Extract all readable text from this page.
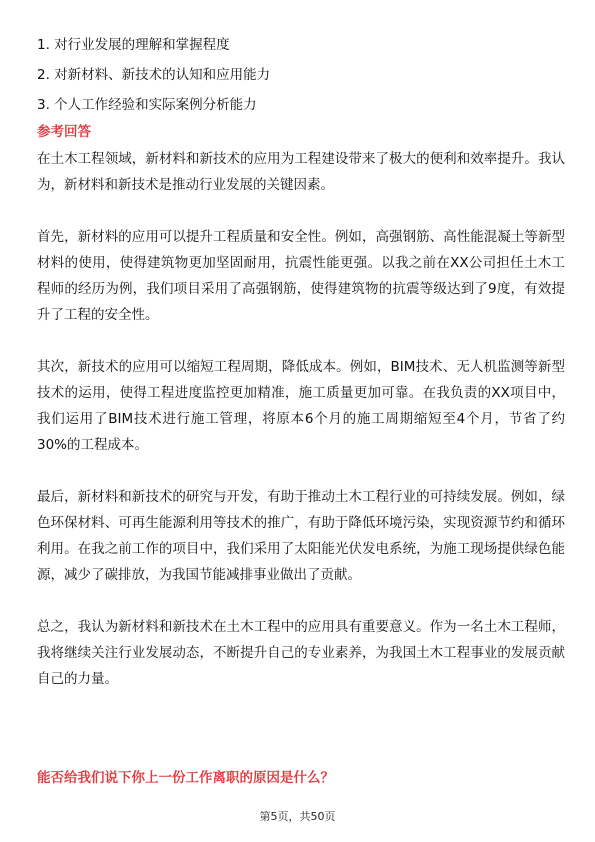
1. 对行业发展的理解和掌握程度
2. 对新材料、新技术的认知和应用能力
3. 个人工作经验和实际案例分析能力
参考回答

在土木工程领域，新材料和新技术的应用为工程建设带来了极大的便利和效率提升。我认为，新材料和新技术是推动行业发展的关键因素。

首先，新材料的应用可以提升工程质量和安全性。例如，高强钢筋、高性能混凝土等新型材料的使用，使得建筑物更加坚固耐用，抗震性能更强。以我之前在XX公司担任土木工程师的经历为例，我们项目采用了高强钢筋，使得建筑物的抗震等级达到了9度，有效提升了工程的安全性。

其次，新技术的应用可以缩短工程周期，降低成本。例如，BIM技术、无人机监测等新型技术的运用，使得工程进度监控更加精准，施工质量更加可靠。在我负责的XX项目中，我们运用了BIM技术进行施工管理，将原本6个月的施工周期缩短至4个月，节省了约30%的工程成本。

最后，新材料和新技术的研究与开发，有助于推动土木工程行业的可持续发展。例如，绿色环保材料、可再生能源利用等技术的推广，有助于降低环境污染，实现资源节约和循环利用。在我之前工作的项目中，我们采用了太阳能光伏发电系统，为施工现场提供绿色能源，减少了碳排放，为我国节能减排事业做出了贡献。

总之，我认为新材料和新技术在土木工程中的应用具有重要意义。作为一名土木工程师，我将继续关注行业发展动态，不断提升自己的专业素养，为我国土木工程事业的发展贡献自己的力量。

能否给我们说下你上一份工作离职的原因是什么？
第5页，共50页
